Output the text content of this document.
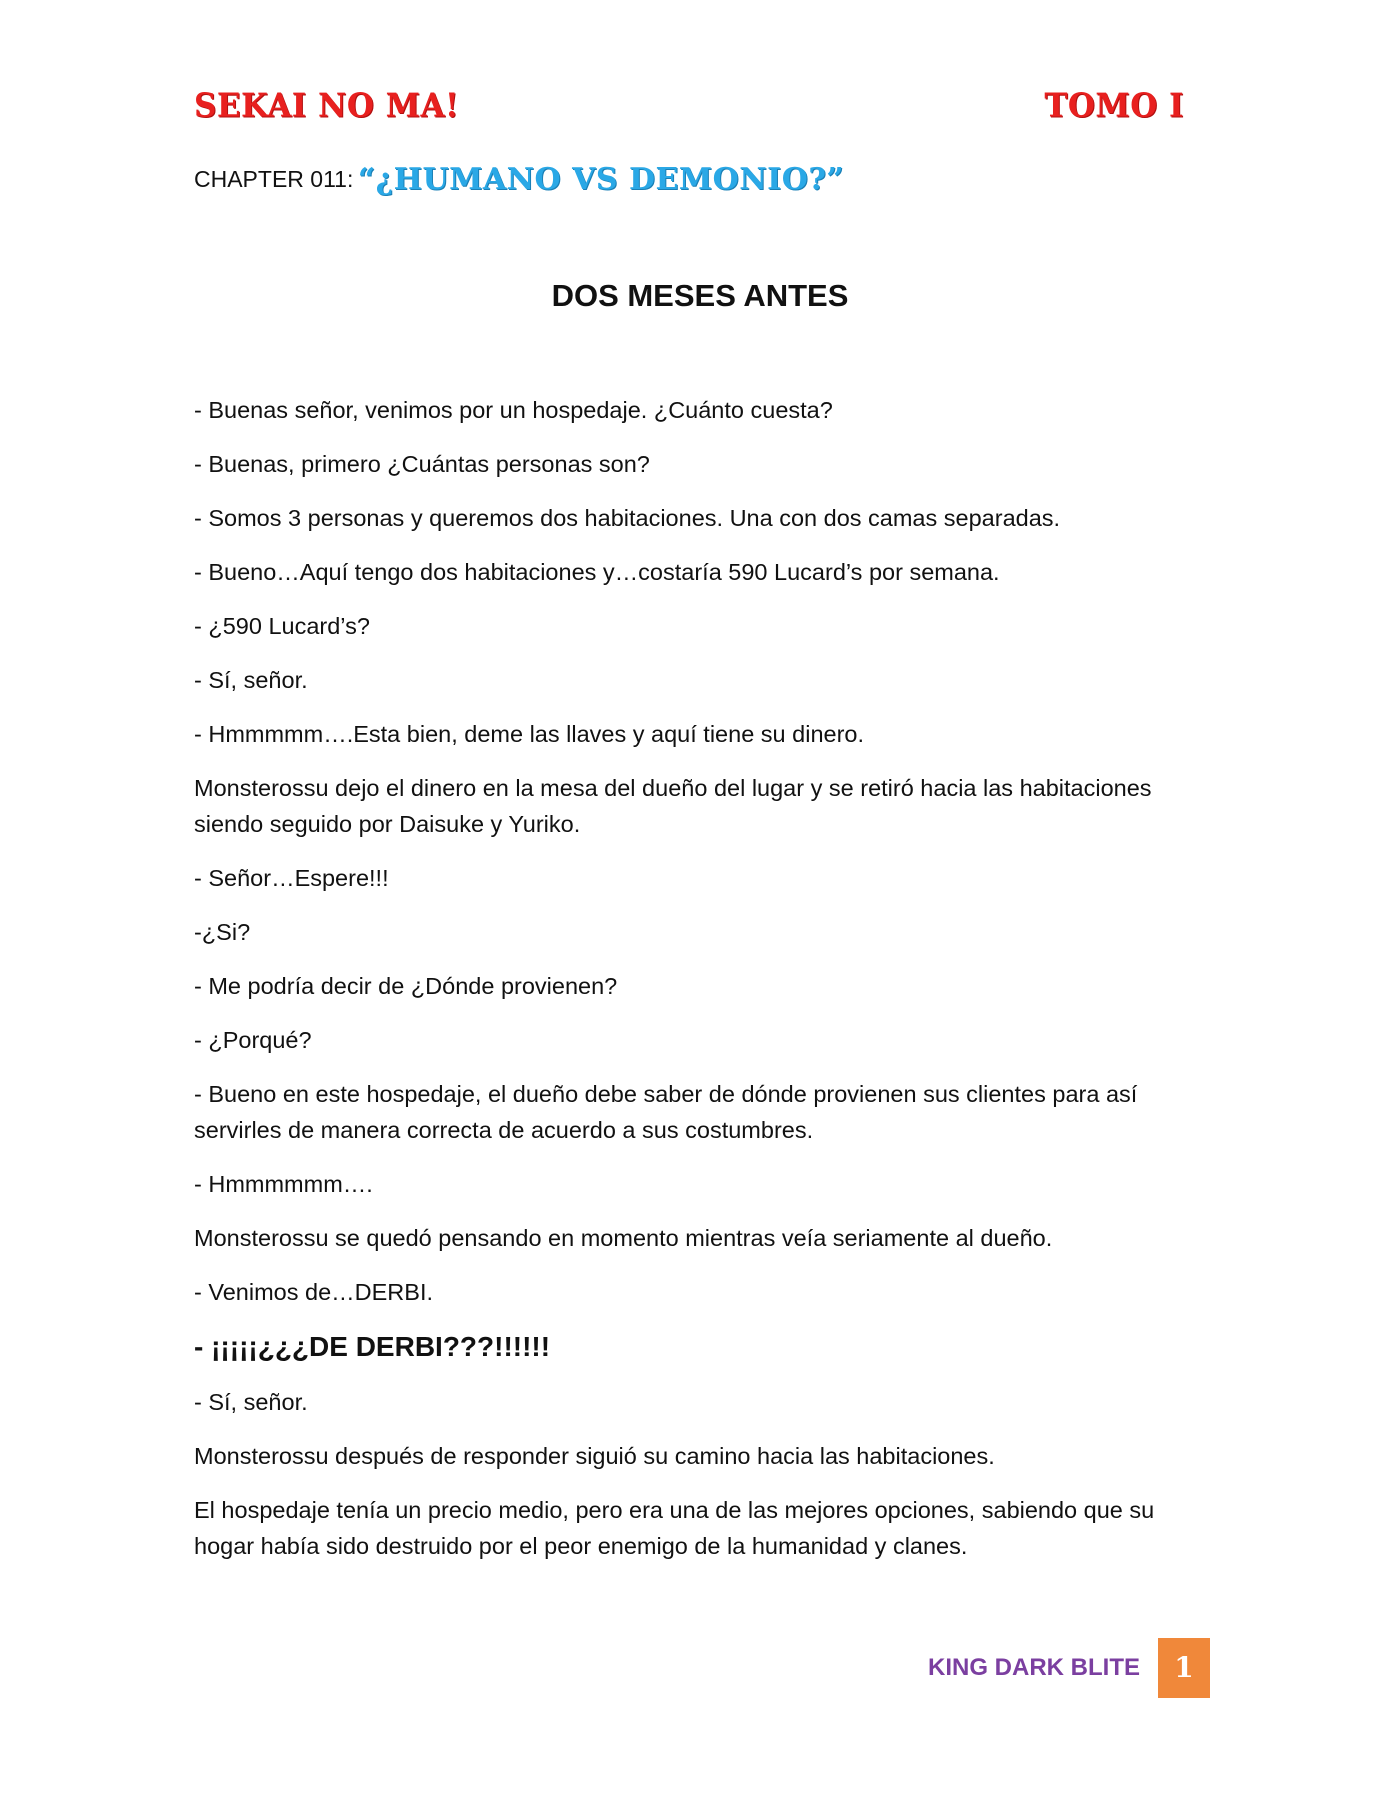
SEKAI NO MA!	TOMO I
CHAPTER 011: “¿HUMANO VS DEMONIO?”
DOS MESES ANTES

- Buenas señor, venimos por un hospedaje. ¿Cuánto cuesta?

- Buenas, primero ¿Cuántas personas son?

- Somos 3 personas y queremos dos habitaciones. Una con dos camas separadas.

- Bueno…Aquí tengo dos habitaciones y…costaría 590 Lucard’s por semana.

- ¿590 Lucard’s?

- Sí, señor.

- Hmmmmm….Esta bien, deme las llaves y aquí tiene su dinero.

Monsterossu dejo el dinero en la mesa del dueño del lugar y se retiró hacia las habitaciones siendo seguido por Daisuke y Yuriko.

- Señor…Espere!!!

-¿Si?

- Me podría decir de ¿Dónde provienen?

- ¿Porqué?

- Bueno en este hospedaje, el dueño debe saber de dónde provienen sus clientes para así servirles de manera correcta de acuerdo a sus costumbres.

- Hmmmmmm….

Monsterossu se quedó pensando en momento mientras veía seriamente al dueño.

- Venimos de…DERBI.

- ¡¡¡¡¡¿¿¿DE DERBI???!!!!!!

- Sí, señor.

Monsterossu después de responder siguió su camino hacia las habitaciones.

El hospedaje tenía un precio medio, pero era una de las mejores opciones, sabiendo que su hogar había sido destruido por el peor enemigo de la humanidad y clanes.

KING DARK BLITE	1
